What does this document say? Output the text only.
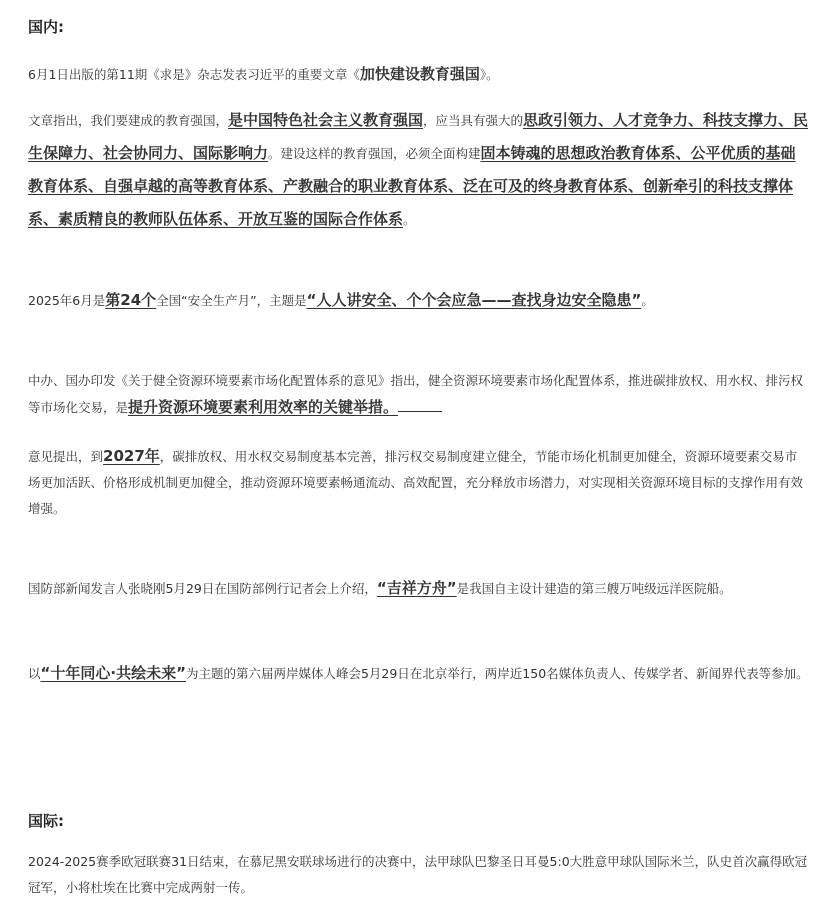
国内:

6月1日出版的第11期《求是》杂志发表习近平的重要文章《加快建设教育强国》。

文章指出，我们要建成的教育强国，是中国特色社会主义教育强国，应当具有强大的思政引领力、人才竞争力、科技支撑力、民生保障力、社会协同力、国际影响力。建设这样的教育强国，必须全面构建固本铸魂的思想政治教育体系、公平优质的基础教育体系、自强卓越的高等教育体系、产教融合的职业教育体系、泛在可及的终身教育体系、创新牵引的科技支撑体系、素质精良的教师队伍体系、开放互鉴的国际合作体系。

2025年6月是第24个全国“安全生产月”，主题是“人人讲安全、个个会应急——查找身边安全隐患”。

中办、国办印发《关于健全资源环境要素市场化配置体系的意见》指出，健全资源环境要素市场化配置体系，推进碳排放权、用水权、排污权等市场化交易，是提升资源环境要素利用效率的关键举措。

意见提出，到2027年，碳排放权、用水权交易制度基本完善，排污权交易制度建立健全，节能市场化机制更加健全，资源环境要素交易市场更加活跃、价格形成机制更加健全，推动资源环境要素畅通流动、高效配置，充分释放市场潜力，对实现相关资源环境目标的支撑作用有效增强。

国防部新闻发言人张晓刚5月29日在国防部例行记者会上介绍，“吉祥方舟”是我国自主设计建造的第三艘万吨级远洋医院船。

以“十年同心·共绘未来”为主题的第六届两岸媒体人峰会5月29日在北京举行，两岸近150名媒体负责人、传媒学者、新闻界代表等参加。

国际:

2024-2025赛季欧冠联赛31日结束，在慕尼黑安联球场进行的决赛中，法甲球队巴黎圣日耳曼5:0大胜意甲球队国际米兰，队史首次赢得欧冠冠军，小将杜埃在比赛中完成两射一传。
